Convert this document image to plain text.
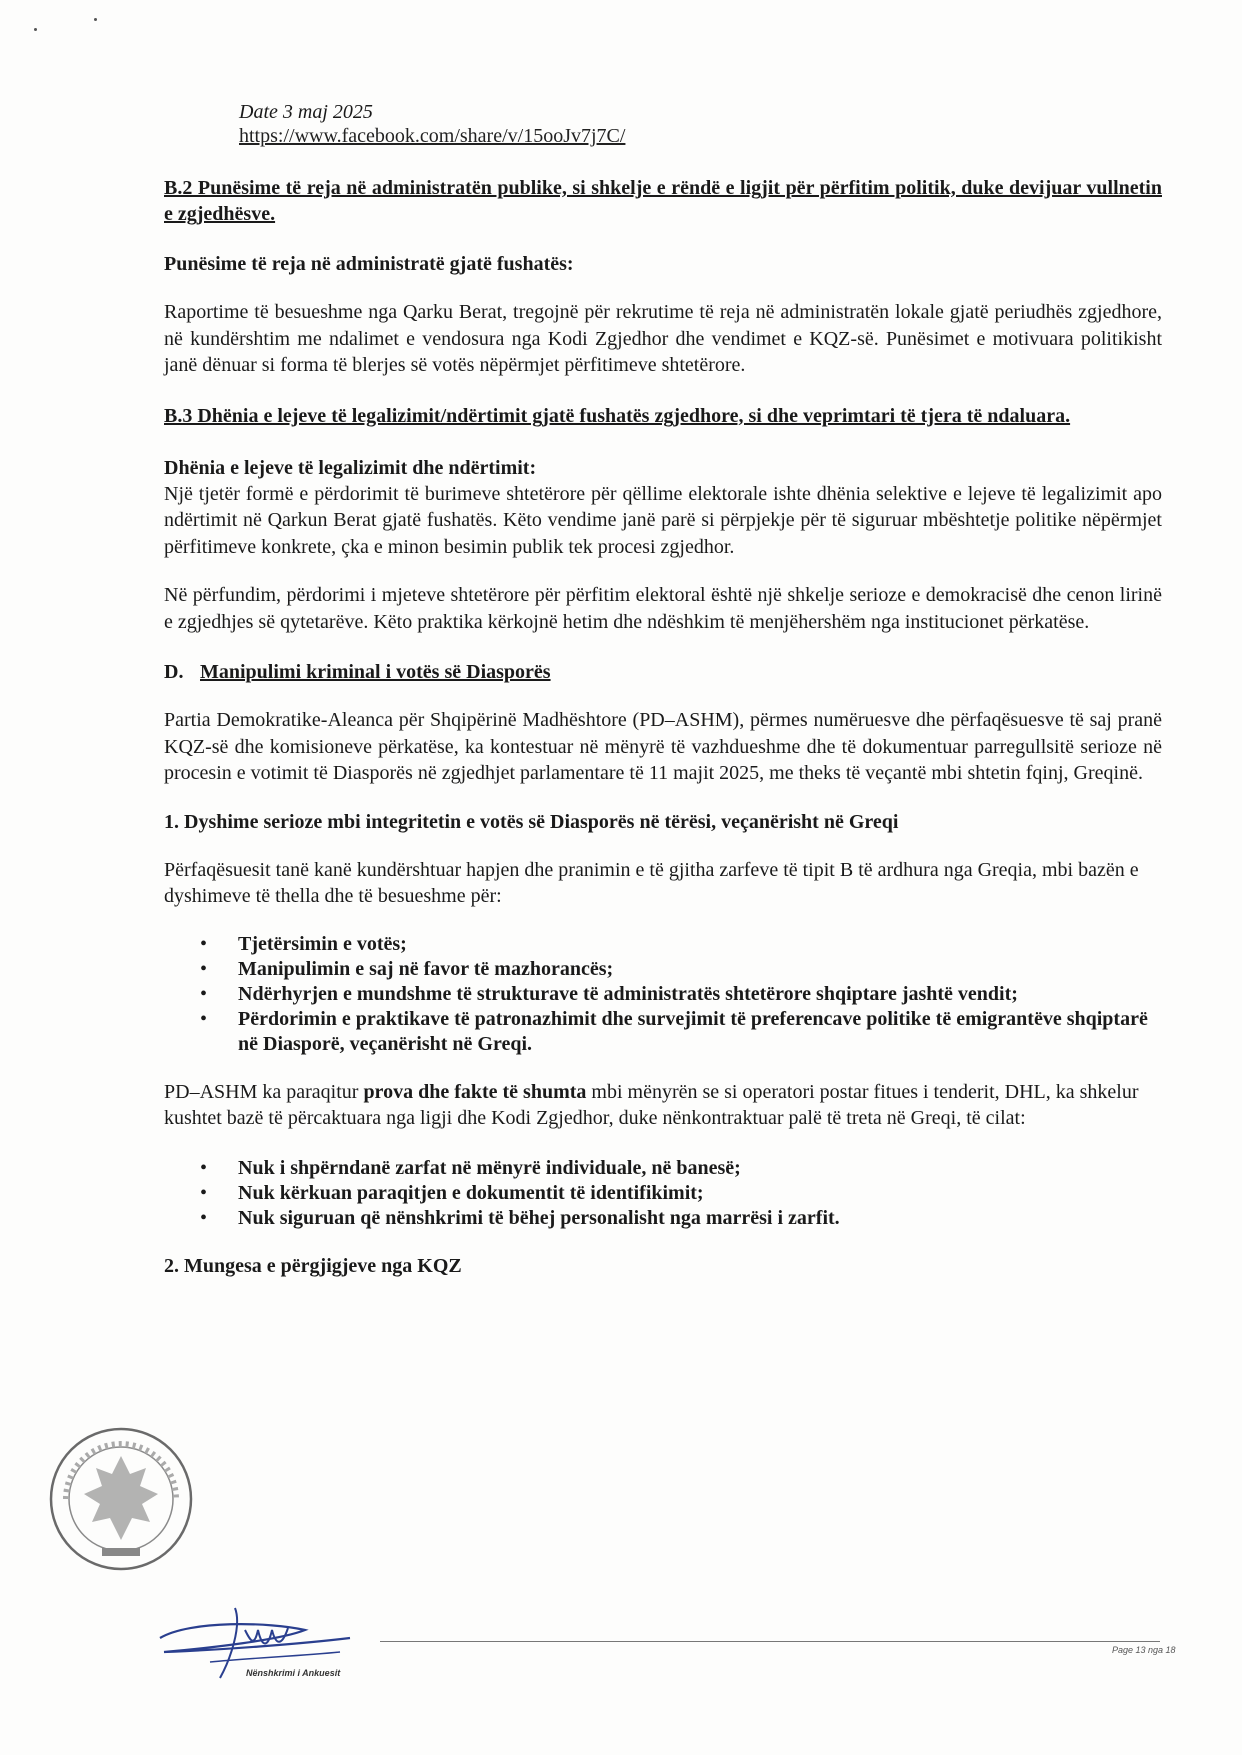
Date 3 maj 2025
https://www.facebook.com/share/v/15ooJv7j7C/
B.2 Punësime të reja në administratën publike, si shkelje e rëndë e ligjit për përfitim politik, duke devijuar vullnetin e zgjedhësve.
Punësime të reja në administratë gjatë fushatës:

Raportime të besueshme nga Qarku Berat, tregojnë për rekrutime të reja në administratën lokale gjatë periudhës zgjedhore, në kundërshtim me ndalimet e vendosura nga Kodi Zgjedhor dhe vendimet e KQZ-së. Punësimet e motivuara politikisht janë dënuar si forma të blerjes së votës nëpërmjet përfitimeve shtetërore.

B.3 Dhënia e lejeve të legalizimit/ndërtimit gjatë fushatës zgjedhore, si dhe veprimtari të tjera të ndaluara.
Dhënia e lejeve të legalizimit dhe ndërtimit:

Një tjetër formë e përdorimit të burimeve shtetërore për qëllime elektorale ishte dhënia selektive e lejeve të legalizimit apo ndërtimit në Qarkun Berat gjatë fushatës. Këto vendime janë parë si përpjekje për të siguruar mbështetje politike nëpërmjet përfitimeve konkrete, çka e minon besimin publik tek procesi zgjedhor.

Në përfundim, përdorimi i mjeteve shtetërore për përfitim elektoral është një shkelje serioze e demokracisë dhe cenon lirinë e zgjedhjes së qytetarëve. Këto praktika kërkojnë hetim dhe ndëshkim të menjëhershëm nga institucionet përkatëse.

D. Manipulimi kriminal i votës së Diasporës

Partia Demokratike-Aleanca për Shqipërinë Madhështore (PD–ASHM), përmes numëruesve dhe përfaqësuesve të saj pranë KQZ-së dhe komisioneve përkatëse, ka kontestuar në mënyrë të vazhdueshme dhe të dokumentuar parregullsitë serioze në procesin e votimit të Diasporës në zgjedhjet parlamentare të 11 majit 2025, me theks të veçantë mbi shtetin fqinj, Greqinë.

1. Dyshime serioze mbi integritetin e votës së Diasporës në tërësi, veçanërisht në Greqi

Përfaqësuesit tanë kanë kundërshtuar hapjen dhe pranimin e të gjitha zarfeve të tipit B të ardhura nga Greqia, mbi bazën e dyshimeve të thella dhe të besueshme për:

• Tjetërsimin e votës;
• Manipulimin e saj në favor të mazhorancës;
• Ndërhyrjen e mundshme të strukturave të administratës shtetërore shqiptare jashtë vendit;
• Përdorimin e praktikave të patronazhimit dhe survejimit të preferencave politike të emigrantëve shqiptarë në Diasporë, veçanërisht në Greqi.

PD–ASHM ka paraqitur prova dhe fakte të shumta mbi mënyrën se si operatori postar fitues i tenderit, DHL, ka shkelur kushtet bazë të përcaktuara nga ligji dhe Kodi Zgjedhor, duke nënkontraktuar palë të treta në Greqi, të cilat:

• Nuk i shpërndanë zarfat në mënyrë individuale, në banesë;
• Nuk kërkuan paraqitjen e dokumentit të identifikimit;
• Nuk siguruan që nënshkrimi të bëhej personalisht nga marrësi i zarfit.
2. Mungesa e përgjigjeve nga KQZ
Nënshkrimi i Ankuesit
Page 13 nga 18
